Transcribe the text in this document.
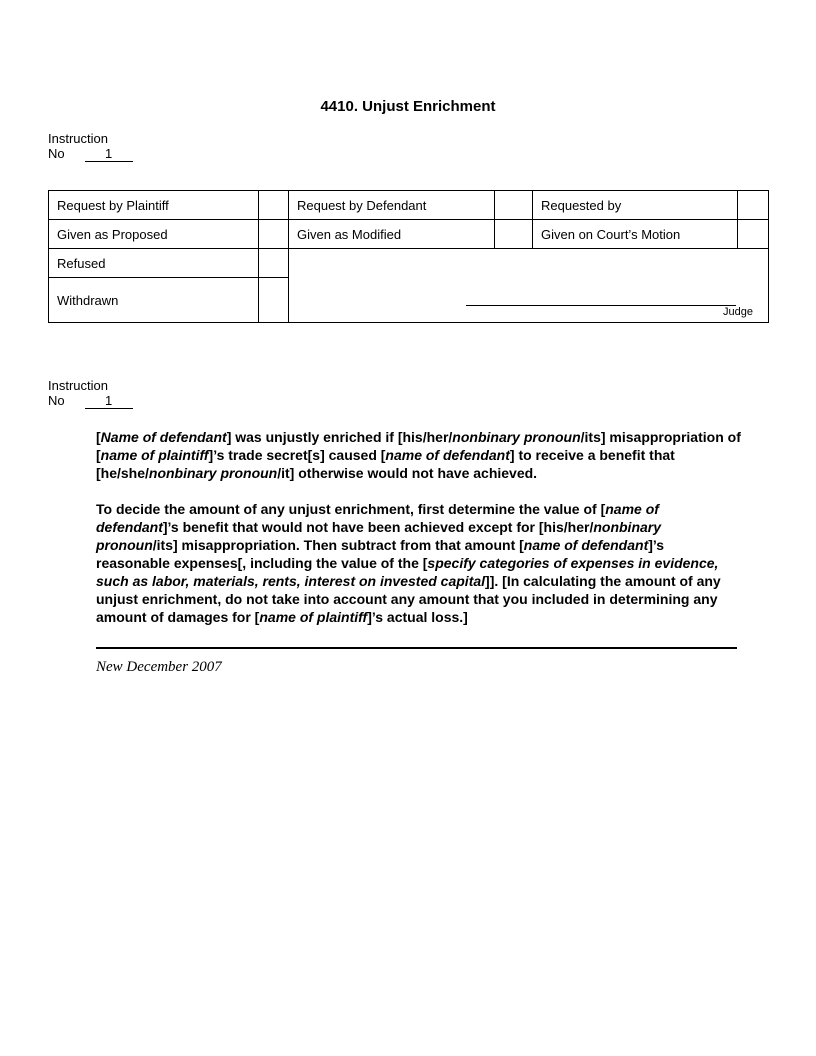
4410. Unjust Enrichment
Instruction
No	1
Request by Plaintiff		Request by Defendant		Requested by	
Given as Proposed		Given as Modified		Given on Court’s Motion	
Refused		Judge			

Withdrawn					
Instruction
No	1

[Name of defendant] was unjustly enriched if [his/her/nonbinary pronoun/its] misappropriation of [name of plaintiff]’s trade secret[s] caused [name of defendant] to receive a benefit that [he/she/nonbinary pronoun/it] otherwise would not have achieved.

To decide the amount of any unjust enrichment, first determine the value of [name of defendant]’s benefit that would not have been achieved except for [his/her/nonbinary pronoun/its] misappropriation. Then subtract from that amount [name of defendant]’s reasonable expenses[, including the value of the [specify categories of expenses in evidence, such as labor, materials, rents, interest on invested capital]]. [In calculating the amount of any unjust enrichment, do not take into account any amount that you included in determining any amount of damages for [name of plaintiff]’s actual loss.]

New December 2007
